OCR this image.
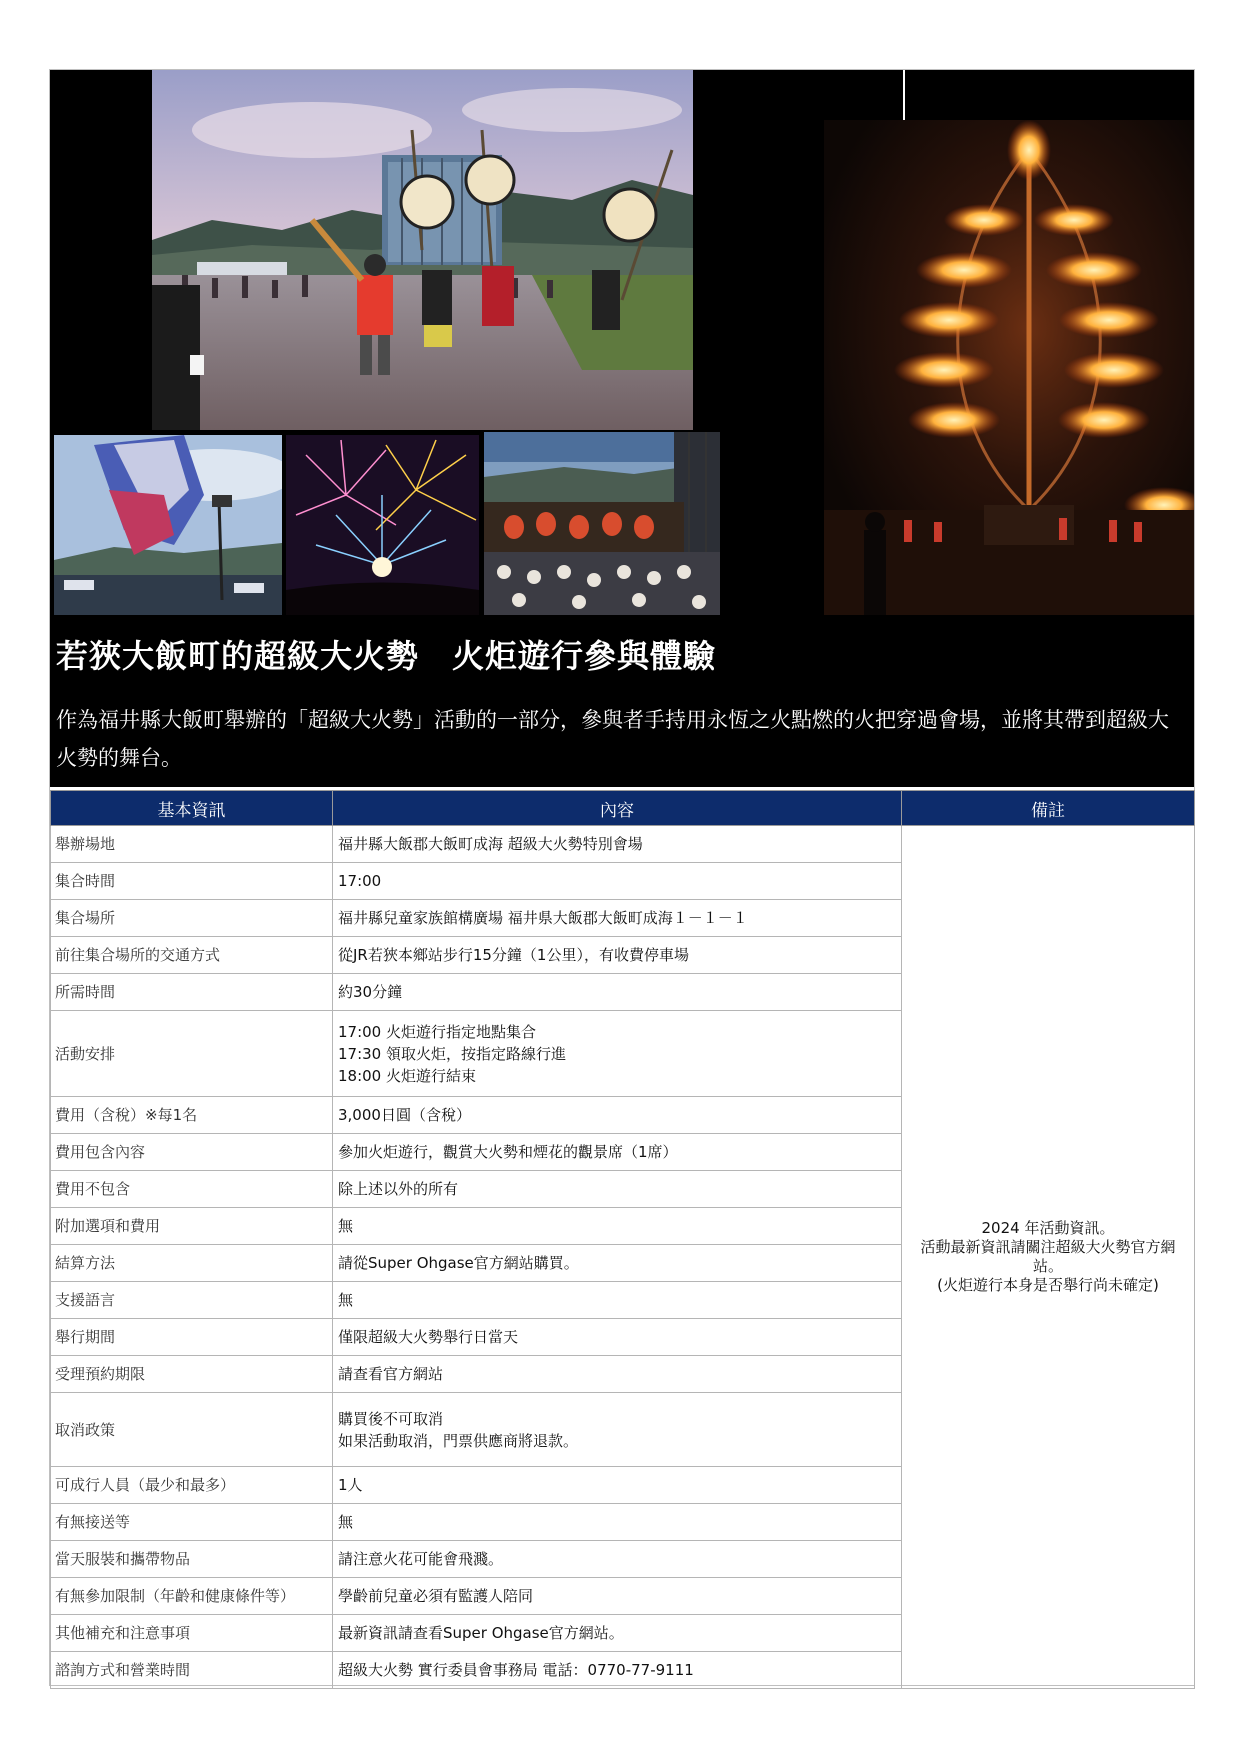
若狹大飯町的超級大火勢　火炬遊行參與體驗
作為福井縣大飯町舉辦的「超級大火勢」活動的一部分，參與者手持用永恆之火點燃的火把穿過會場，並將其帶到超級大火勢的舞台。
基本資訊	內容	備註
舉辦場地	福井縣大飯郡大飯町成海 超級大火勢特別會場	2024 年活動資訊。
活動最新資訊請關注超級大火勢官方網站。
(火炬遊行本身是否舉行尚未確定)
集合時間	17:00	
集合場所	福井縣兒童家族館構廣場 福井県大飯郡大飯町成海１－１－１	
前往集合場所的交通方式	從JR若狹本鄉站步行15分鐘（1公里），有收費停車場	
所需時間	約30分鐘	
活動安排	17:00 火炬遊行指定地點集合
17:30 領取火炬，按指定路線行進
18:00 火炬遊行結束	
費用（含稅）※每1名	3,000日圓（含稅）	
費用包含內容	參加火炬遊行，觀賞大火勢和煙花的觀景席（1席）	
費用不包含	除上述以外的所有	
附加選項和費用	無	
結算方法	請從Super Ohgase官方網站購買。	
支援語言	無	
舉行期間	僅限超級大火勢舉行日當天	
受理預約期限	請查看官方網站	
取消政策	購買後不可取消
如果活動取消，門票供應商將退款。	
可成行人員（最少和最多）	1人	
有無接送等	無	
當天服裝和攜帶物品	請注意火花可能會飛濺。	
有無參加限制（年齡和健康條件等）	學齡前兒童必須有監護人陪同	
其他補充和注意事項	最新資訊請查看Super Ohgase官方網站。	
諮詢方式和營業時間	超級大火勢 實行委員會事務局 電話：0770-77-9111	
